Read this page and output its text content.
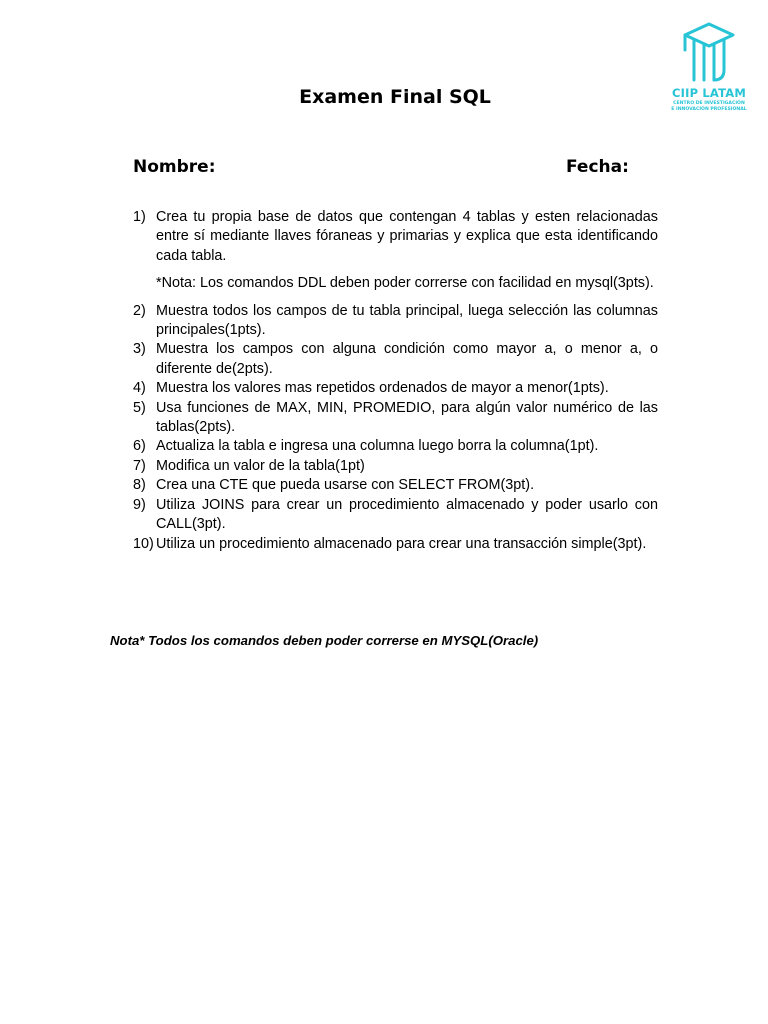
CIIP LATAM
CENTRO DE INVESTIGACIÓN
E INNOVACIÓN PROFESIONAL
Examen Final SQL
Nombre:	Fecha:
1) Crea tu propia base de datos que contengan 4 tablas y esten relacionadas entre sí mediante llaves fóraneas y primarias y explica que esta identificando cada tabla.
*Nota: Los comandos DDL deben poder correrse con facilidad en mysql(3pts).
2) Muestra todos los campos de tu tabla principal, luega selección las columnas principales(1pts).
3) Muestra los campos con alguna condición como mayor a, o menor a, o diferente de(2pts).
4) Muestra los valores mas repetidos ordenados de mayor a menor(1pts).
5) Usa funciones de MAX, MIN, PROMEDIO, para algún valor numérico de las tablas(2pts).
6) Actualiza la tabla e ingresa una columna luego borra la columna(1pt).
7) Modifica un valor de la tabla(1pt)
8) Crea una CTE que pueda usarse con SELECT FROM(3pt).
9) Utiliza JOINS para crear un procedimiento almacenado y poder usarlo con CALL(3pt).
10) Utiliza un procedimiento almacenado para crear una transacción simple(3pt).
Nota* Todos los comandos deben poder correrse en MYSQL(Oracle)
